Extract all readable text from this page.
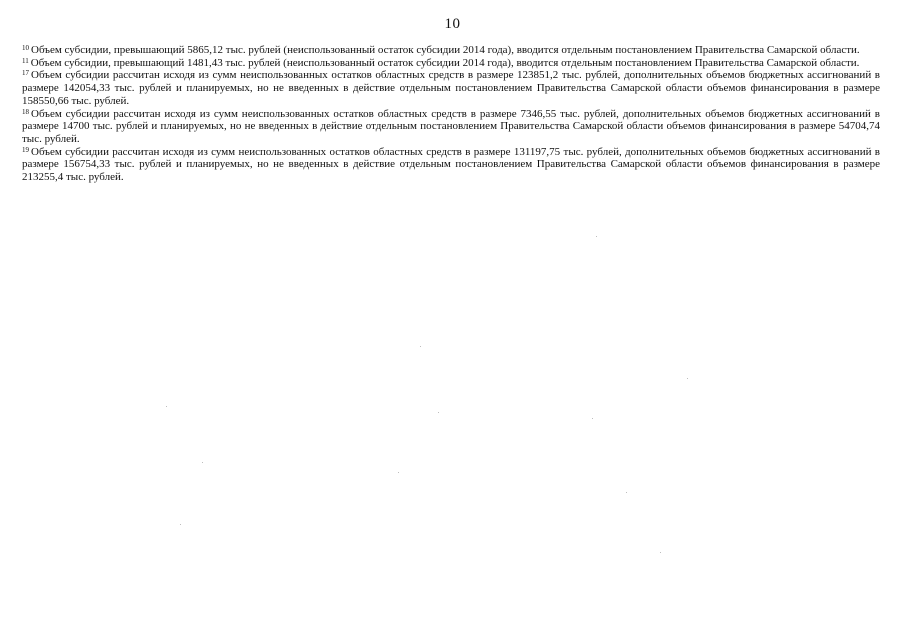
10

$^{10}$ Объем субсидии, превышающий 5865,12 тыс. рублей (неиспользованный остаток субсидии 2014 года), вводится отдельным постановлением Правительства Самарской области.

$^{11}$ Объем субсидии, превышающий 1481,43 тыс. рублей (неиспользованный остаток субсидии 2014 года), вводится отдельным постановлением Правительства Самарской области.

$^{17}$ Объем субсидии рассчитан исходя из сумм неиспользованных остатков областных средств в размере 123851,2 тыс. рублей, дополнительных объемов бюджетных ассигнований в размере 142054,33 тыс. рублей и планируемых, но не введенных в действие отдельным постановлением Правительства Самарской области объемов финансирования в размере 158550,66 тыс. рублей.

$^{18}$ Объем субсидии рассчитан исходя из сумм неиспользованных остатков областных средств в размере 7346,55 тыс. рублей, дополнительных объемов бюджетных ассигнований в размере 14700 тыс. рублей и планируемых, но не введенных в действие отдельным постановлением Правительства Самарской области объемов финансирования в размере 54704,74 тыс. рублей.

$^{19}$ Объем субсидии рассчитан исходя из сумм неиспользованных остатков областных средств в размере 131197,75 тыс. рублей, дополнительных объемов бюджетных ассигнований в размере 156754,33 тыс. рублей и планируемых, но не введенных в действие отдельным постановлением Правительства Самарской области объемов финансирования в размере 213255,4 тыс. рублей.
